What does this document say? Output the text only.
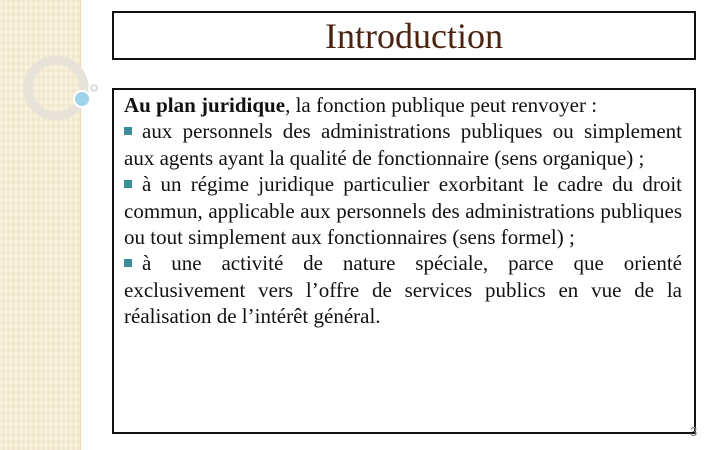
Introduction

Au plan juridique, la fonction publique peut renvoyer :

aux personnels des administrations publiques ou simplement aux agents ayant la qualité de fonctionnaire (sens organique) ;

à un régime juridique particulier exorbitant le cadre du droit commun, applicable aux personnels des administrations publiques ou tout simplement aux fonctionnaires (sens formel) ;

à une activité de nature spéciale, parce que orienté exclusivement vers l’offre de services publics en vue de la réalisation de l’intérêt général.

3
